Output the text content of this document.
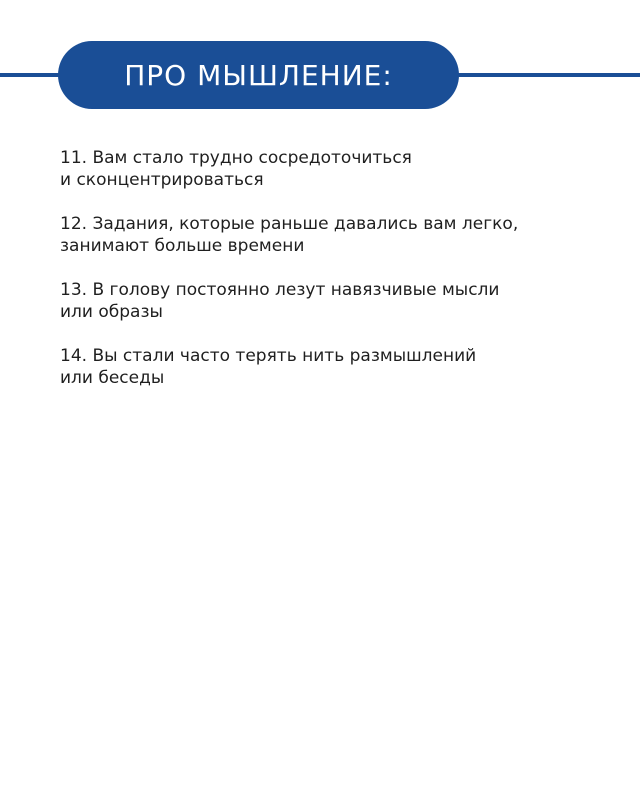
ПРО МЫШЛЕНИЕ:
11. Вам стало трудно сосредоточиться
и сконцентрироваться
12. Задания, которые раньше давались вам легко,
занимают больше времени
13. В голову постоянно лезут навязчивые мысли
или образы
14. Вы стали часто терять нить размышлений
или беседы
